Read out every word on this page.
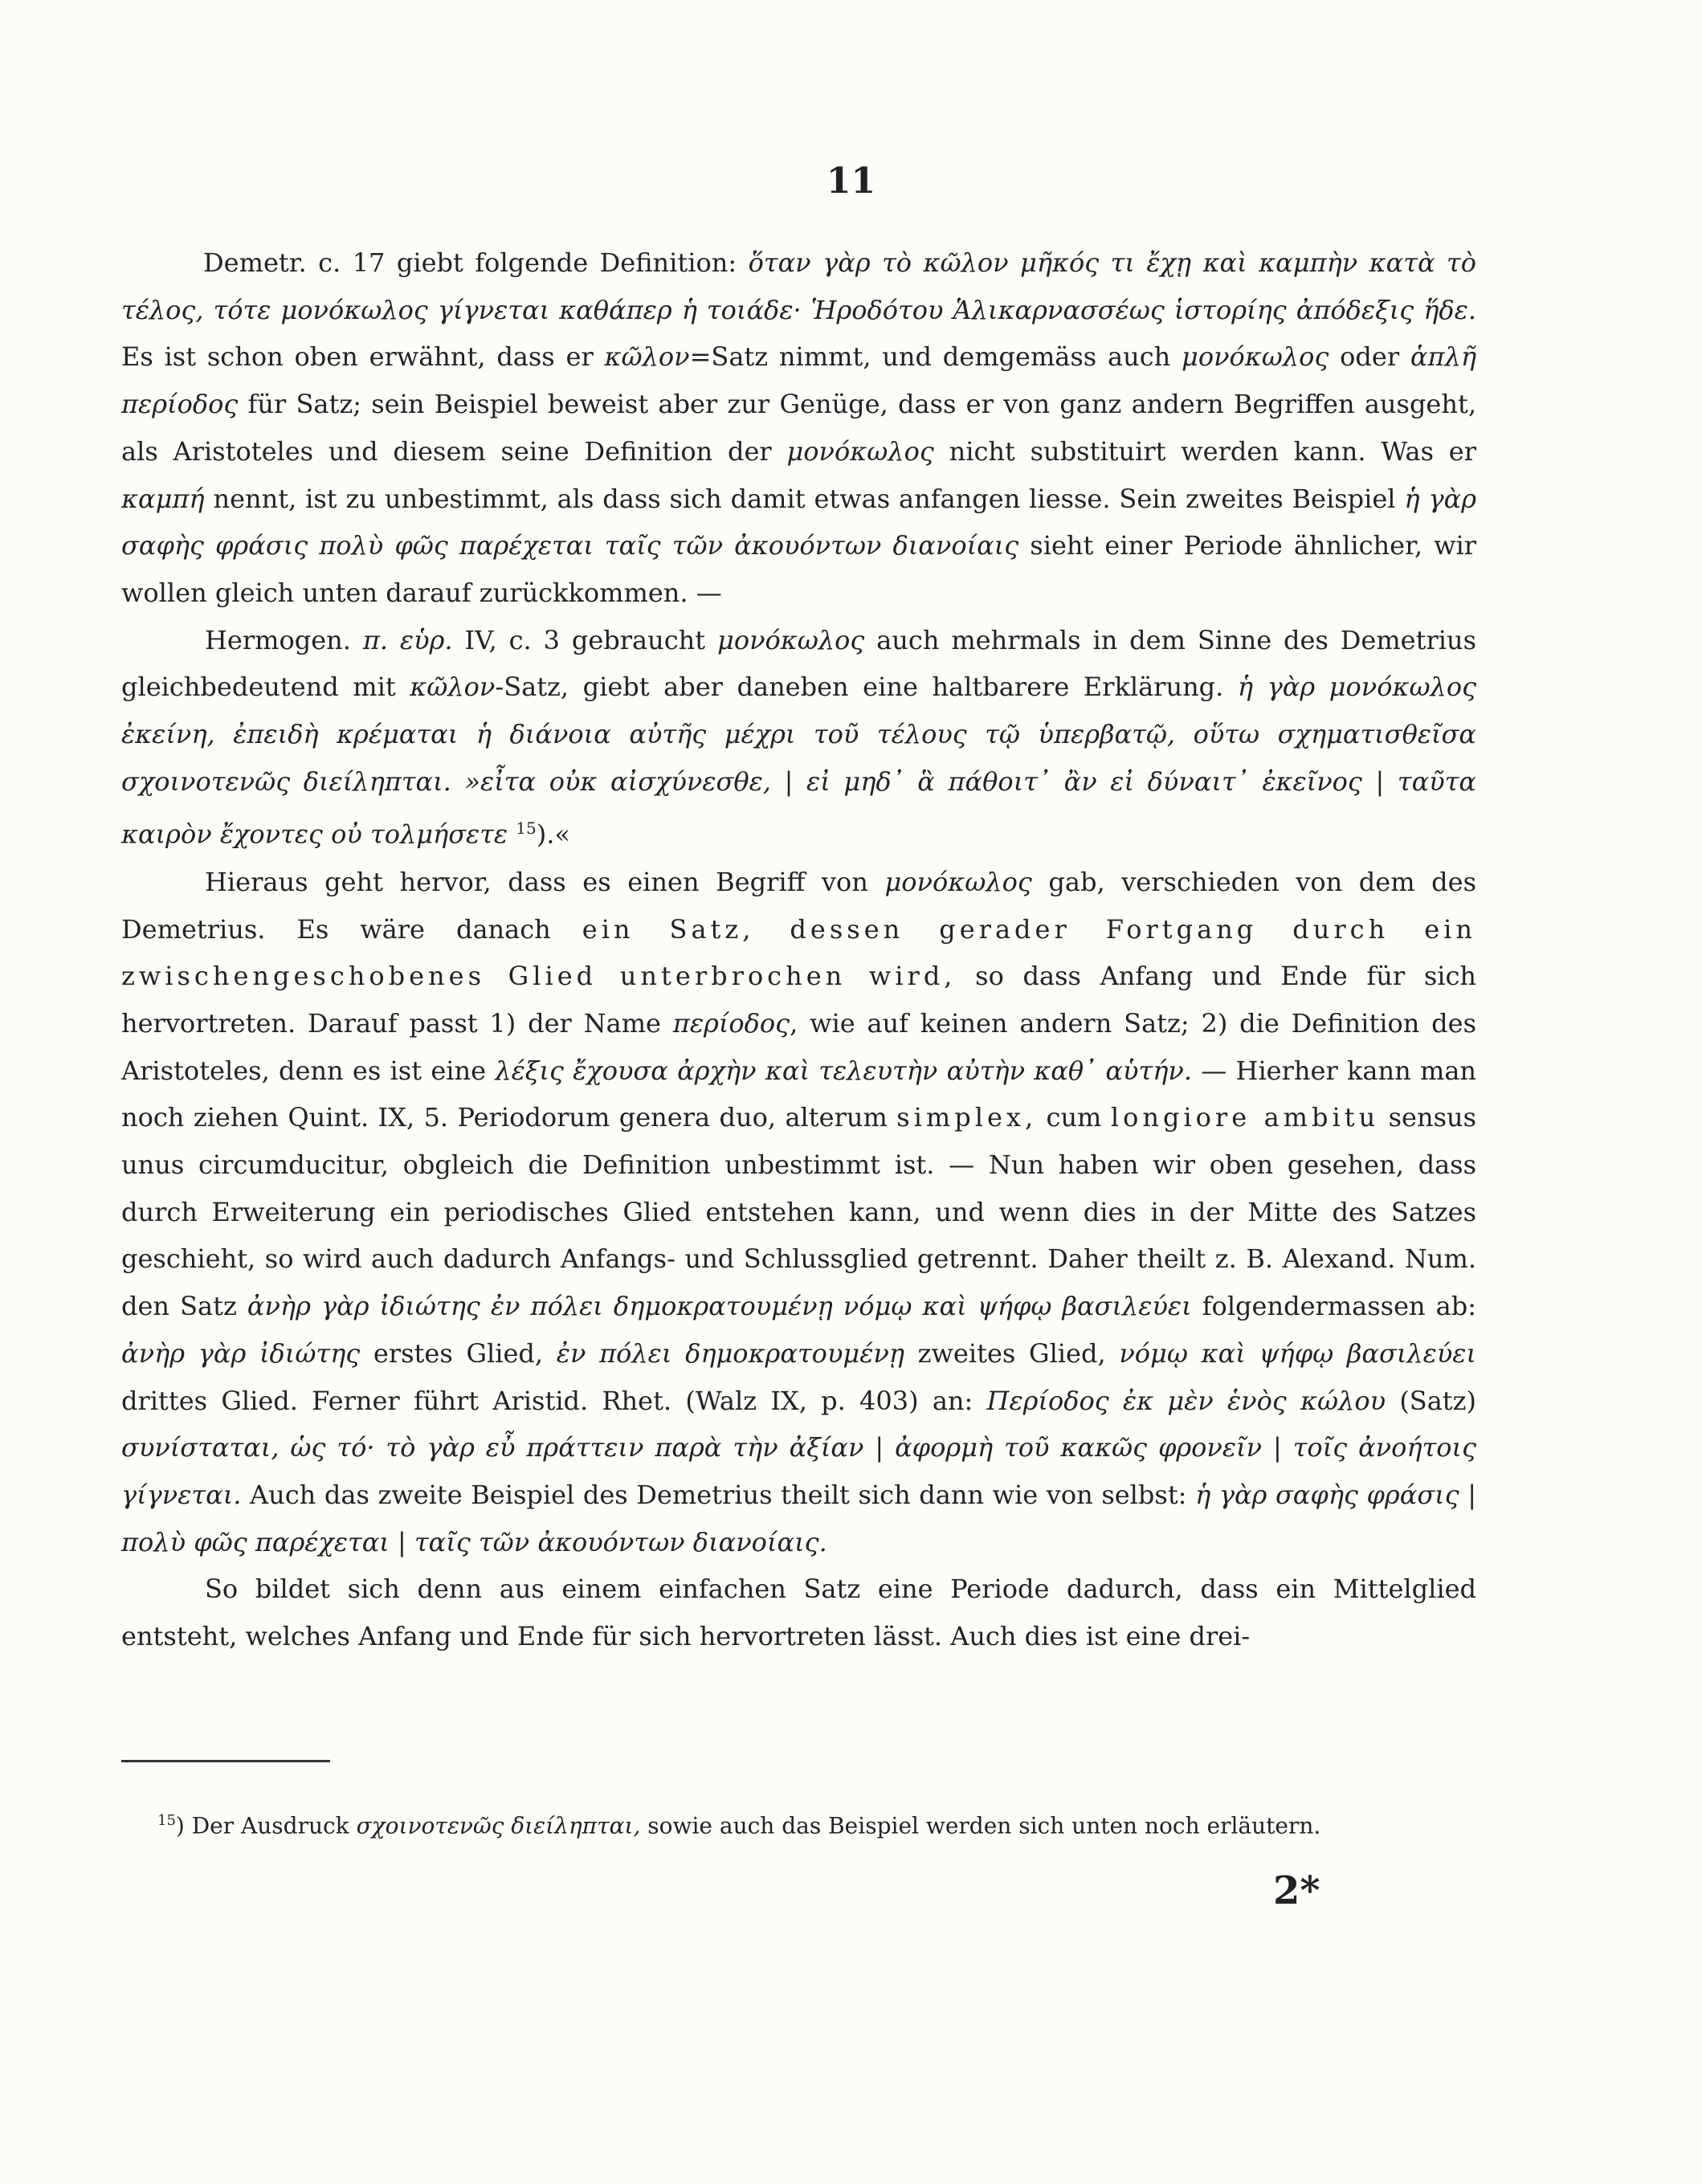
11

Demetr. c. 17 giebt folgende Definition: ὅταν γὰρ τὸ κῶλον μῆκός τι ἔχῃ καὶ καμπὴν κατὰ τὸ τέλος, τότε μονόκωλος γίγνεται καθάπερ ἡ τοιάδε· Ἡροδότου Ἁλικαρνασσέως ἱστορίης ἀπόδεξις ἥδε. Es ist schon oben erwähnt, dass er κῶλον=Satz nimmt, und demgemäss auch μονόκωλος oder ἁπλῆ περίοδος für Satz; sein Beispiel beweist aber zur Genüge, dass er von ganz andern Begriffen ausgeht, als Aristoteles und diesem seine Definition der μονόκωλος nicht substituirt werden kann. Was er καμπή nennt, ist zu unbestimmt, als dass sich damit etwas anfangen liesse. Sein zweites Beispiel ἡ γὰρ σαφὴς φράσις πολὺ φῶς παρέχεται ταῖς τῶν ἀκουόντων διανοίαις sieht einer Periode ähnlicher, wir wollen gleich unten darauf zurückkommen. —

Hermogen. π. εὑρ. IV, c. 3 gebraucht μονόκωλος auch mehrmals in dem Sinne des Demetrius gleichbedeutend mit κῶλον-Satz, giebt aber daneben eine haltbarere Erklärung. ἡ γὰρ μονόκωλος ἐκείνη, ἐπειδὴ κρέμαται ἡ διάνοια αὐτῆς μέχρι τοῦ τέλους τῷ ὑπερβατῷ, οὕτω σχηματισθεῖσα σχοινοτενῶς διείληπται. »εἶτα οὐκ αἰσχύνεσθε, | εἰ μηδ᾽ ἃ πάθοιτ᾽ ἂν εἰ δύναιτ᾽ ἐκεῖνος | ταῦτα καιρὸν ἔχοντες οὐ τολμήσετε $^{15}$).«

Hieraus geht hervor, dass es einen Begriff von μονόκωλος gab, verschieden von dem des Demetrius. Es wäre danach ein Satz, dessen gerader Fortgang durch ein zwischengeschobenes Glied unterbrochen wird, so dass Anfang und Ende für sich hervortreten. Darauf passt 1) der Name περίοδος, wie auf keinen andern Satz; 2) die Definition des Aristoteles, denn es ist eine λέξις ἔχουσα ἀρχὴν καὶ τελευτὴν αὐτὴν καθ᾽ αὑτήν. — Hierher kann man noch ziehen Quint. IX, 5. Periodorum genera duo, alterum simplex, cum longiore ambitu sensus unus circumducitur, obgleich die Definition unbestimmt ist. — Nun haben wir oben gesehen, dass durch Erweiterung ein periodisches Glied entstehen kann, und wenn dies in der Mitte des Satzes geschieht, so wird auch dadurch Anfangs- und Schlussglied getrennt. Daher theilt z. B. Alexand. Num. den Satz ἀνὴρ γὰρ ἰδιώτης ἐν πόλει δημοκρατουμένῃ νόμῳ καὶ ψήφῳ βασιλεύει folgendermassen ab: ἀνὴρ γὰρ ἰδιώτης erstes Glied, ἐν πόλει δημοκρατουμένῃ zweites Glied, νόμῳ καὶ ψήφῳ βασιλεύει drittes Glied. Ferner führt Aristid. Rhet. (Walz IX, p. 403) an: Περίοδος ἐκ μὲν ἑνὸς κώλου (Satz) συνίσταται, ὡς τό· τὸ γὰρ εὖ πράττειν παρὰ τὴν ἀξίαν | ἀφορμὴ τοῦ κακῶς φρονεῖν | τοῖς ἀνοήτοις γίγνεται. Auch das zweite Beispiel des Demetrius theilt sich dann wie von selbst: ἡ γὰρ σαφὴς φράσις | πολὺ φῶς παρέχεται | ταῖς τῶν ἀκουόντων διανοίαις.

So bildet sich denn aus einem einfachen Satz eine Periode dadurch, dass ein Mittelglied entsteht, welches Anfang und Ende für sich hervortreten lässt. Auch dies ist eine drei-

$^{15}$) Der Ausdruck σχοινοτενῶς διείληπται, sowie auch das Beispiel werden sich unten noch erläutern.
2*
